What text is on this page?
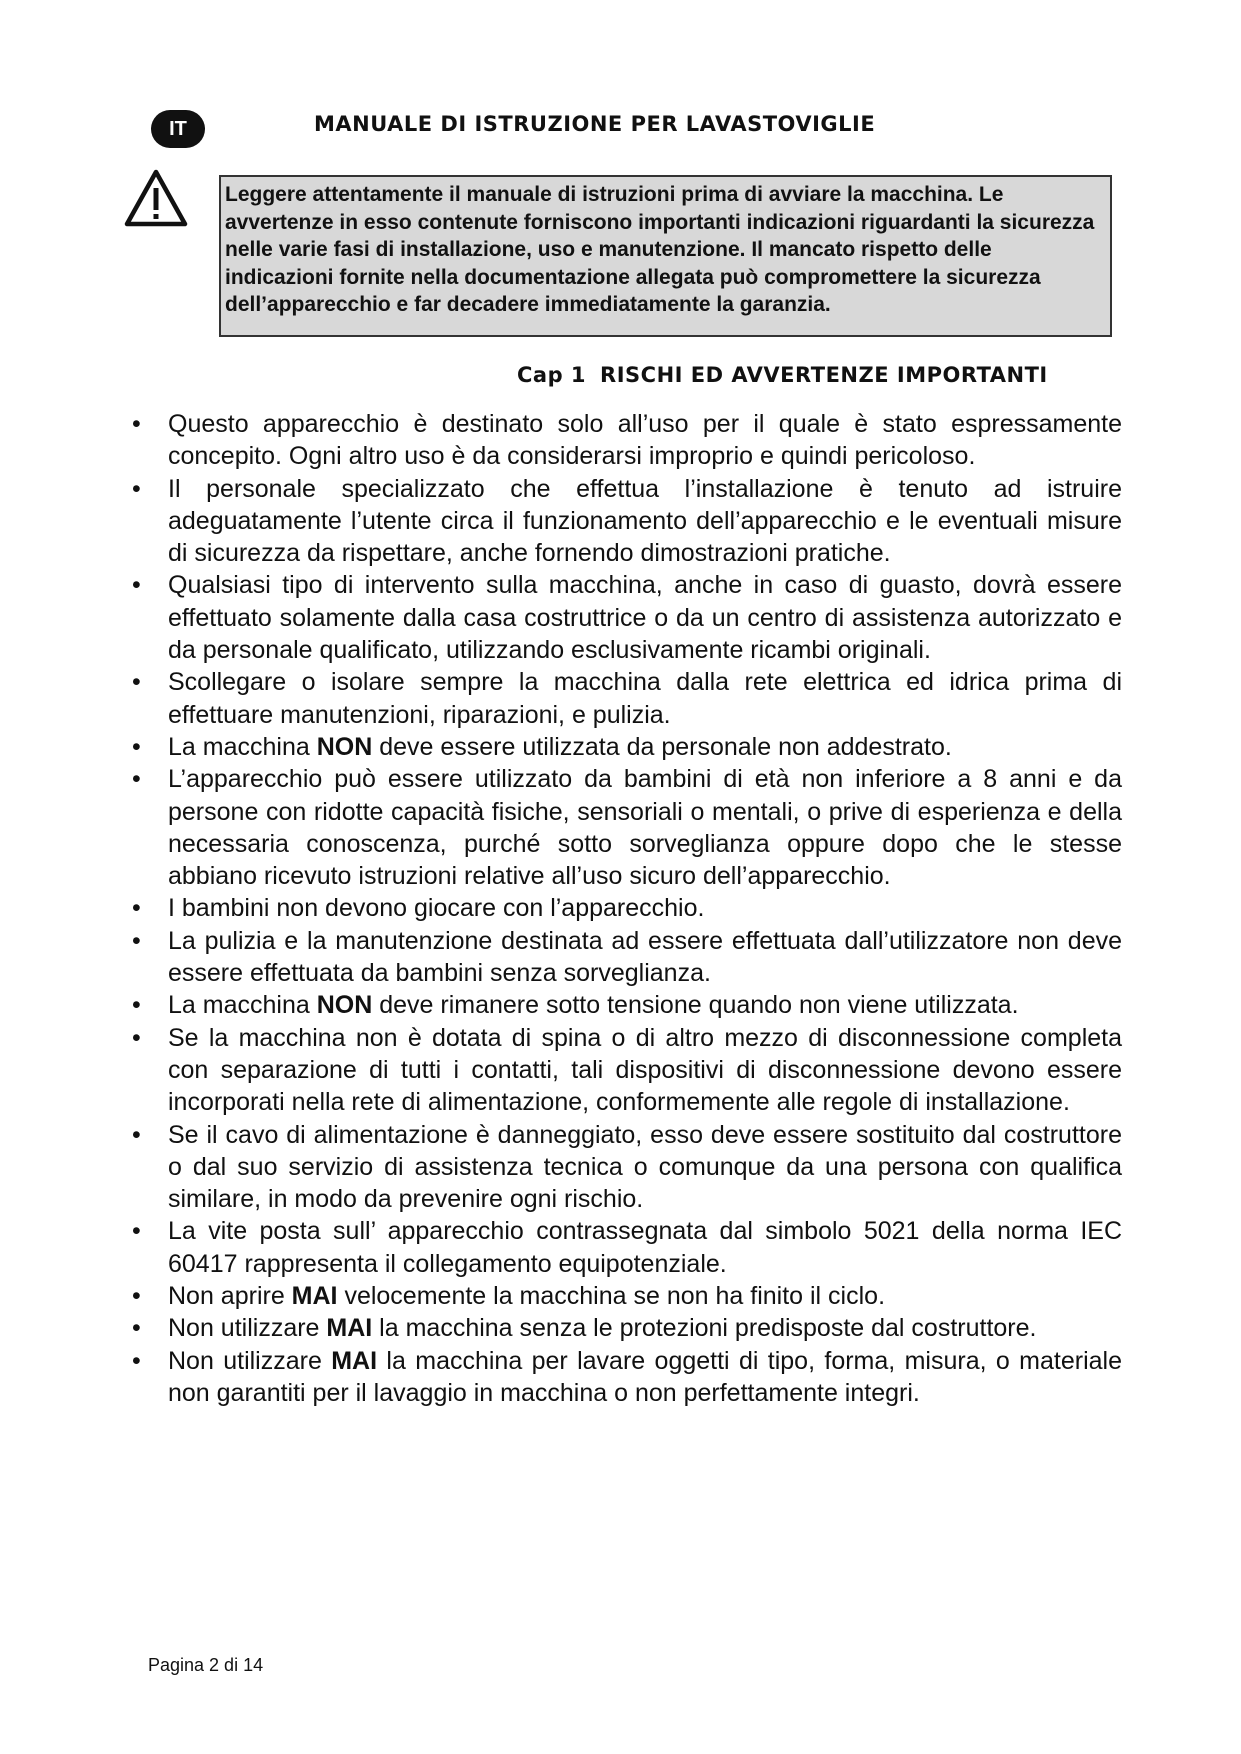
IT	MANUALE DI ISTRUZIONE PER LAVASTOVIGLIE
Leggere attentamente il manuale di istruzioni prima di avviare la macchina. Le avvertenze in esso contenute forniscono importanti indicazioni riguardanti la sicurezza nelle varie fasi di installazione, uso e manutenzione. Il mancato rispetto delle indicazioni fornite nella documentazione allegata può compromettere la sicurezza dell’apparecchio e far decadere immediatamente la garanzia.
Cap 1 RISCHI ED AVVERTENZE IMPORTANTI
• Questo apparecchio è destinato solo all’uso per il quale è stato espressamente concepito. Ogni altro uso è da considerarsi improprio e quindi pericoloso.
• Il personale specializzato che effettua l’installazione è tenuto ad istruire adeguatamente l’utente circa il funzionamento dell’apparecchio e le eventuali misure di sicurezza da rispettare, anche fornendo dimostrazioni pratiche.
• Qualsiasi tipo di intervento sulla macchina, anche in caso di guasto, dovrà essere effettuato solamente dalla casa costruttrice o da un centro di assistenza autorizzato e da personale qualificato, utilizzando esclusivamente ricambi originali.
• Scollegare o isolare sempre la macchina dalla rete elettrica ed idrica prima di effettuare manutenzioni, riparazioni, e pulizia.
• La macchina NON deve essere utilizzata da personale non addestrato.
• L’apparecchio può essere utilizzato da bambini di età non inferiore a 8 anni e da persone con ridotte capacità fisiche, sensoriali o mentali, o prive di esperienza e della necessaria conoscenza, purché sotto sorveglianza oppure dopo che le stesse abbiano ricevuto istruzioni relative all’uso sicuro dell’apparecchio.
• I bambini non devono giocare con l’apparecchio.
• La pulizia e la manutenzione destinata ad essere effettuata dall’utilizzatore non deve essere effettuata da bambini senza sorveglianza.
• La macchina NON deve rimanere sotto tensione quando non viene utilizzata.
• Se la macchina non è dotata di spina o di altro mezzo di disconnessione completa con separazione di tutti i contatti, tali dispositivi di disconnessione devono essere incorporati nella rete di alimentazione, conformemente alle regole di installazione.
• Se il cavo di alimentazione è danneggiato, esso deve essere sostituito dal costruttore o dal suo servizio di assistenza tecnica o comunque da una persona con qualifica similare, in modo da prevenire ogni rischio.
• La vite posta sull’ apparecchio contrassegnata dal simbolo 5021 della norma IEC 60417 rappresenta il collegamento equipotenziale.
• Non aprire MAI velocemente la macchina se non ha finito il ciclo.
• Non utilizzare MAI la macchina senza le protezioni predisposte dal costruttore.
• Non utilizzare MAI la macchina per lavare oggetti di tipo, forma, misura, o materiale non garantiti per il lavaggio in macchina o non perfettamente integri.
Pagina 2 di 14
